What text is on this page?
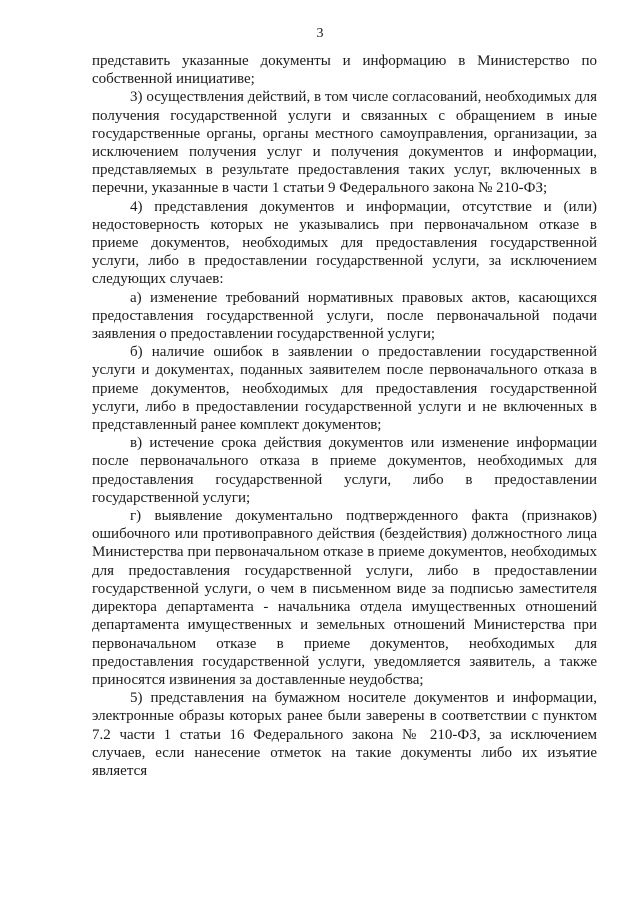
3

представить указанные документы и информацию в Министерство по собственной инициативе;

3) осуществления действий, в том числе согласований, необходимых для получения государственной услуги и связанных с обращением в иные государственные органы, органы местного самоуправления, организации, за исключением получения услуг и получения документов и информации, представляемых в результате предоставления таких услуг, включенных в перечни, указанные в части 1 статьи 9 Федерального закона № 210-ФЗ;

4) представления документов и информации, отсутствие и (или) недостоверность которых не указывались при первоначальном отказе в приеме документов, необходимых для предоставления государственной услуги, либо в предоставлении государственной услуги, за исключением следующих случаев:

а) изменение требований нормативных правовых актов, касающихся предоставления государственной услуги, после первоначальной подачи заявления о предоставлении государственной услуги;

б) наличие ошибок в заявлении о предоставлении государственной услуги и документах, поданных заявителем после первоначального отказа в приеме документов, необходимых для предоставления государственной услуги, либо в предоставлении государственной услуги и не включенных в представленный ранее комплект документов;

в) истечение срока действия документов или изменение информации после первоначального отказа в приеме документов, необходимых для предоставления государственной услуги, либо в предоставлении государственной услуги;

г) выявление документально подтвержденного факта (признаков) ошибочного или противоправного действия (бездействия) должностного лица Министерства при первоначальном отказе в приеме документов, необходимых для предоставления государственной услуги, либо в предоставлении государственной услуги, о чем в письменном виде за подписью заместителя директора департамента - начальника отдела имущественных отношений департамента имущественных и земельных отношений Министерства при первоначальном отказе в приеме документов, необходимых для предоставления государственной услуги, уведомляется заявитель, а также приносятся извинения за доставленные неудобства;

5) представления на бумажном носителе документов и информации, электронные образы которых ранее были заверены в соответствии с пунктом 7.2 части 1 статьи 16 Федерального закона № 210-ФЗ, за исключением случаев, если нанесение отметок на такие документы либо их изъятие является
